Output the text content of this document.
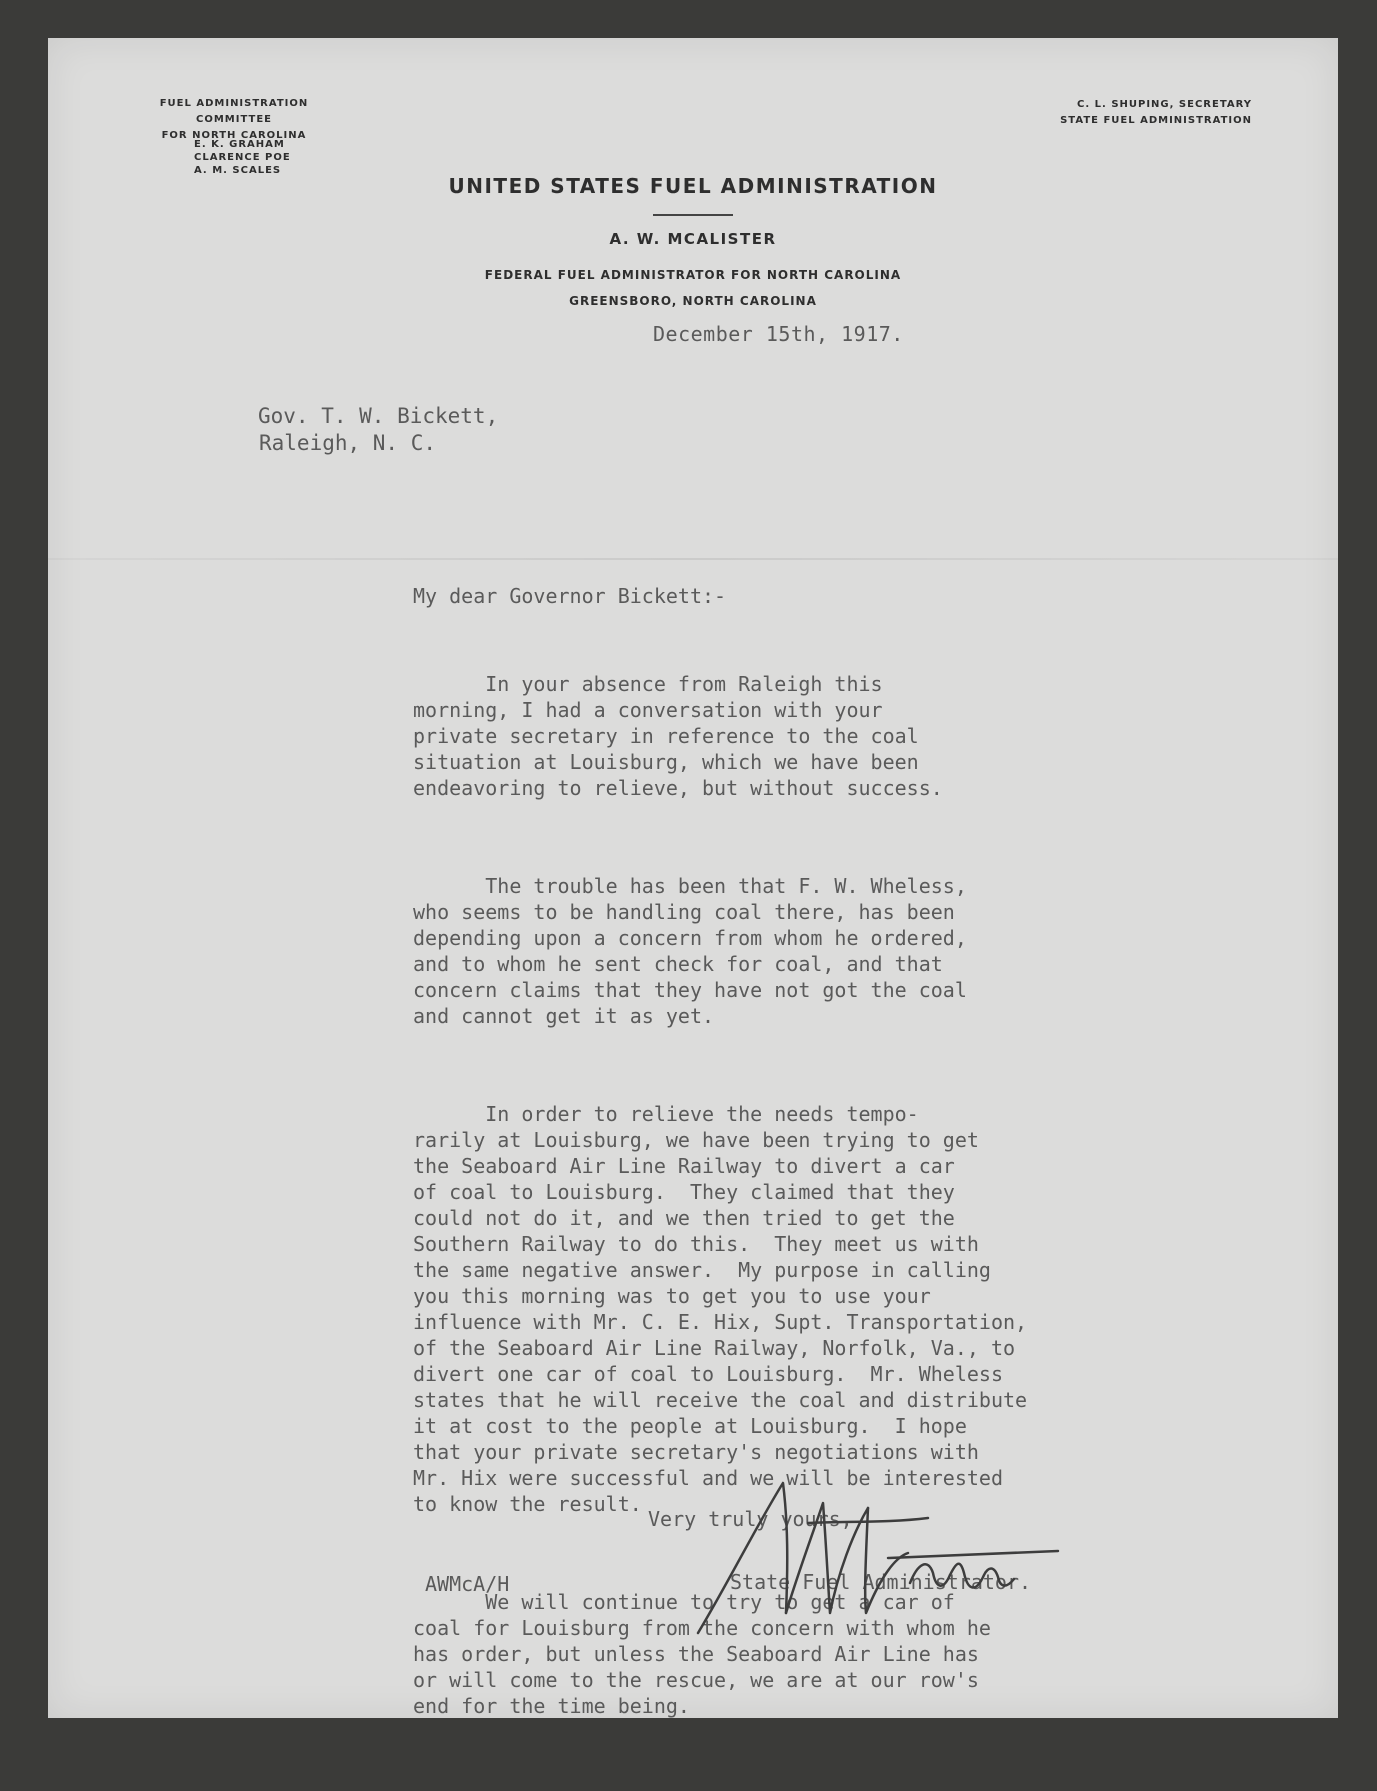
FUEL ADMINISTRATION COMMITTEE
FOR NORTH CAROLINA
E. K. GRAHAM
CLARENCE POE
A. M. SCALES
C. L. SHUPING, SECRETARY
STATE FUEL ADMINISTRATION
UNITED STATES FUEL ADMINISTRATION
A. W. MCALISTER
FEDERAL FUEL ADMINISTRATOR FOR NORTH CAROLINA
GREENSBORO, NORTH CAROLINA
December 15th, 1917.
Gov. T. W. Bickett,
Raleigh, N. C.

My dear Governor Bickett:-

In your absence from Raleigh this
morning, I had a conversation with your
private secretary in reference to the coal
situation at Louisburg, which we have been
endeavoring to relieve, but without success.

The trouble has been that F. W. Wheless,
who seems to be handling coal there, has been
depending upon a concern from whom he ordered,
and to whom he sent check for coal, and that
concern claims that they have not got the coal
and cannot get it as yet.

In order to relieve the needs tempo-
rarily at Louisburg, we have been trying to get
the Seaboard Air Line Railway to divert a car
of coal to Louisburg.  They claimed that they
could not do it, and we then tried to get the
Southern Railway to do this.  They meet us with
the same negative answer.  My purpose in calling
you this morning was to get you to use your
influence with Mr. C. E. Hix, Supt. Transportation,
of the Seaboard Air Line Railway, Norfolk, Va., to
divert one car of coal to Louisburg.  Mr. Wheless
states that he will receive the coal and distribute
it at cost to the people at Louisburg.  I hope
that your private secretary's negotiations with
Mr. Hix were successful and we will be interested
to know the result.

We will continue to try to get a car of
coal for Louisburg from the concern with whom he
has order, but unless the Seaboard Air Line has
or will come to the rescue, we are at our row's
end for the time being.

Very truly yours,
AWMcA/H	State Fuel Administrator.
